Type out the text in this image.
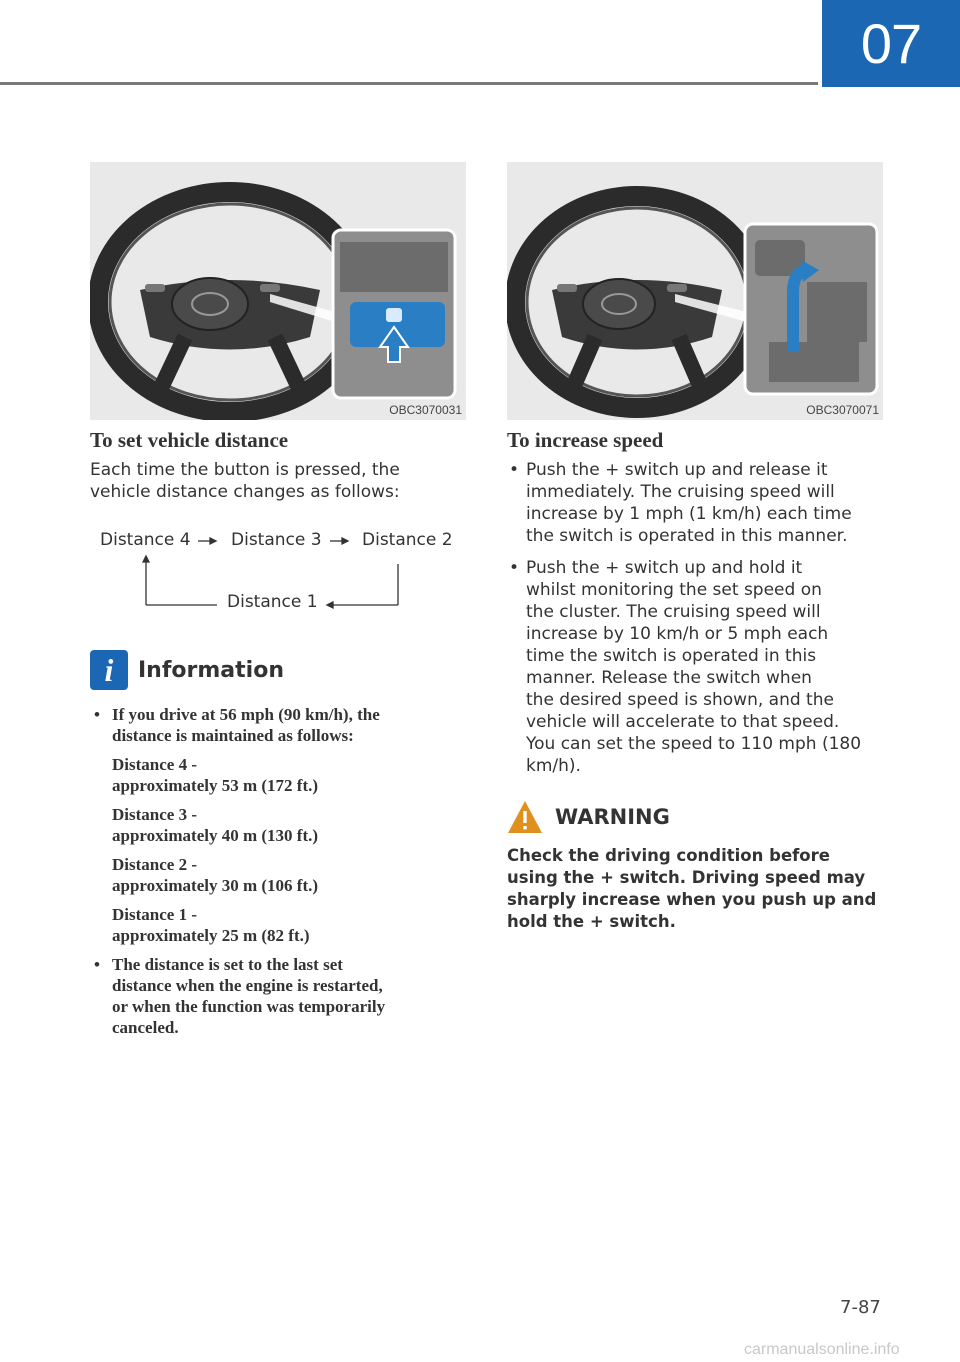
07
OBC3070031	OBC3070071
To set vehicle distance
Each time the button is pressed, the
vehicle distance changes as follows:
Distance 4 Distance 3 Distance 2
Distance 1
i	Information
• If you drive at 56 mph (90 km/h), the
distance is maintained as follows:
Distance 4 -
approximately 53 m (172 ft.)
Distance 3 -
approximately 40 m (130 ft.)
Distance 2 -
approximately 30 m (106 ft.)
Distance 1 -
approximately 25 m (82 ft.)
• The distance is set to the last set
distance when the engine is restarted,
or when the function was temporarily
canceled.
To increase speed
• Push the + switch up and release it
immediately. The cruising speed will
increase by 1 mph (1 km/h) each time
the switch is operated in this manner.
• Push the + switch up and hold it
whilst monitoring the set speed on
the cluster. The cruising speed will
increase by 10 km/h or 5 mph each
time the switch is operated in this
manner. Release the switch when
the desired speed is shown, and the
vehicle will accelerate to that speed.
You can set the speed to 110 mph (180
km/h).
WARNING
Check the driving condition before
using the + switch. Driving speed may
sharply increase when you push up and
hold the + switch.
7-87
carmanualsonline.info
